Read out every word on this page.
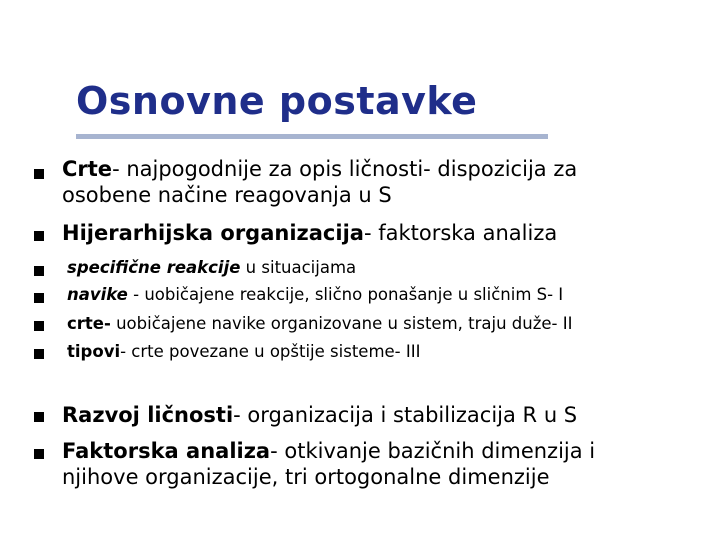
Osnovne postavke
Crte- najpogodnije za opis ličnosti- dispozicija za
osobene načine reagovanja u S
Hijerarhijska organizacija- faktorska analiza
specifične reakcije u situacijama
navike - uobičajene reakcije, slično ponašanje u sličnim S- I
crte- uobičajene navike organizovane u sistem, traju duže- II
tipovi- crte povezane u opštije sisteme- III
Razvoj ličnosti- organizacija i stabilizacija R u S
Faktorska analiza- otkivanje bazičnih dimenzija i
njihove organizacije, tri ortogonalne dimenzije
